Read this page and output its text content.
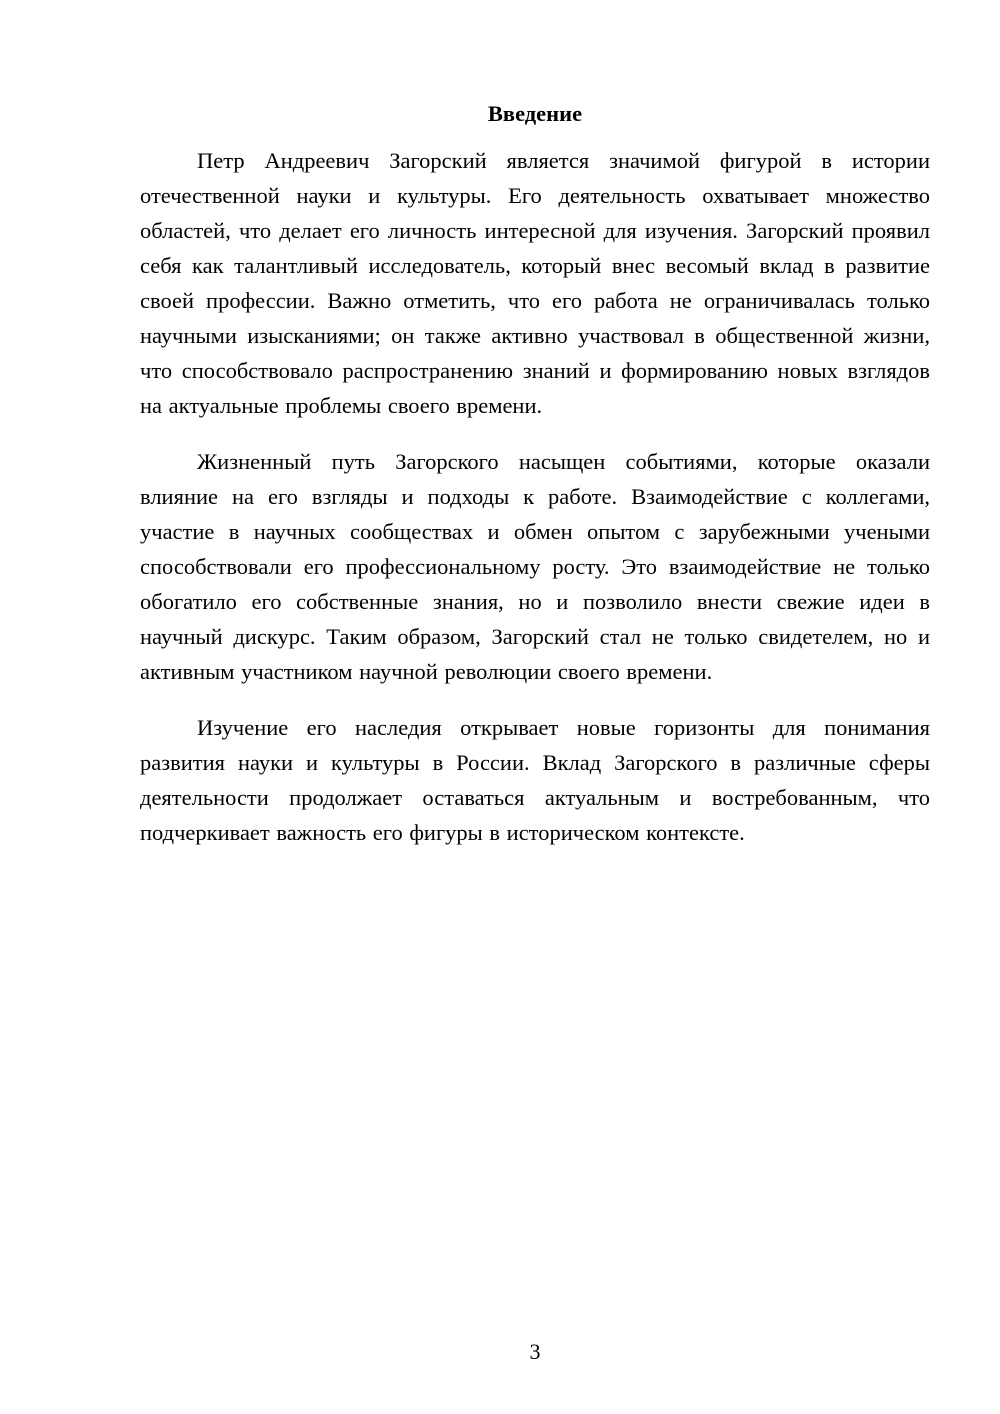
Введение

Петр Андреевич Загорский является значимой фигурой в истории отечественной науки и культуры. Его деятельность охватывает множество областей, что делает его личность интересной для изучения. Загорский проявил себя как талантливый исследователь, который внес весомый вклад в развитие своей профессии. Важно отметить, что его работа не ограничивалась только научными изысканиями; он также активно участвовал в общественной жизни, что способствовало распространению знаний и формированию новых взглядов на актуальные проблемы своего времени.

Жизненный путь Загорского насыщен событиями, которые оказали влияние на его взгляды и подходы к работе. Взаимодействие с коллегами, участие в научных сообществах и обмен опытом с зарубежными учеными способствовали его профессиональному росту. Это взаимодействие не только обогатило его собственные знания, но и позволило внести свежие идеи в научный дискурс. Таким образом, Загорский стал не только свидетелем, но и активным участником научной революции своего времени.

Изучение его наследия открывает новые горизонты для понимания развития науки и культуры в России. Вклад Загорского в различные сферы деятельности продолжает оставаться актуальным и востребованным, что подчеркивает важность его фигуры в историческом контексте.

3
